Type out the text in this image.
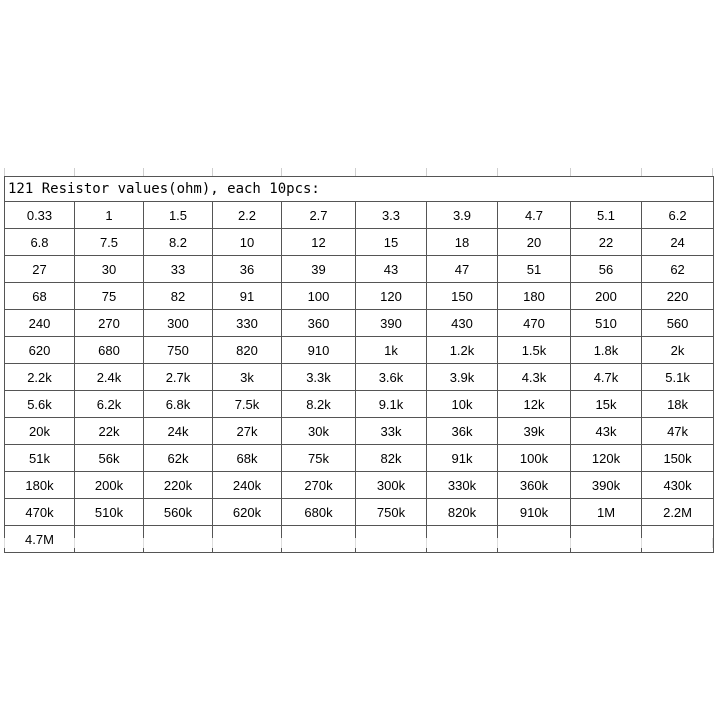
121 Resistor values(ohm), each 10pcs:									
0.33	1	1.5	2.2	2.7	3.3	3.9	4.7	5.1	6.2
6.8	7.5	8.2	10	12	15	18	20	22	24
27	30	33	36	39	43	47	51	56	62
68	75	82	91	100	120	150	180	200	220
240	270	300	330	360	390	430	470	510	560
620	680	750	820	910	1k	1.2k	1.5k	1.8k	2k
2.2k	2.4k	2.7k	3k	3.3k	3.6k	3.9k	4.3k	4.7k	5.1k
5.6k	6.2k	6.8k	7.5k	8.2k	9.1k	10k	12k	15k	18k
20k	22k	24k	27k	30k	33k	36k	39k	43k	47k
51k	56k	62k	68k	75k	82k	91k	100k	120k	150k
180k	200k	220k	240k	270k	300k	330k	360k	390k	430k
470k	510k	560k	620k	680k	750k	820k	910k	1M	2.2M
4.7M									
